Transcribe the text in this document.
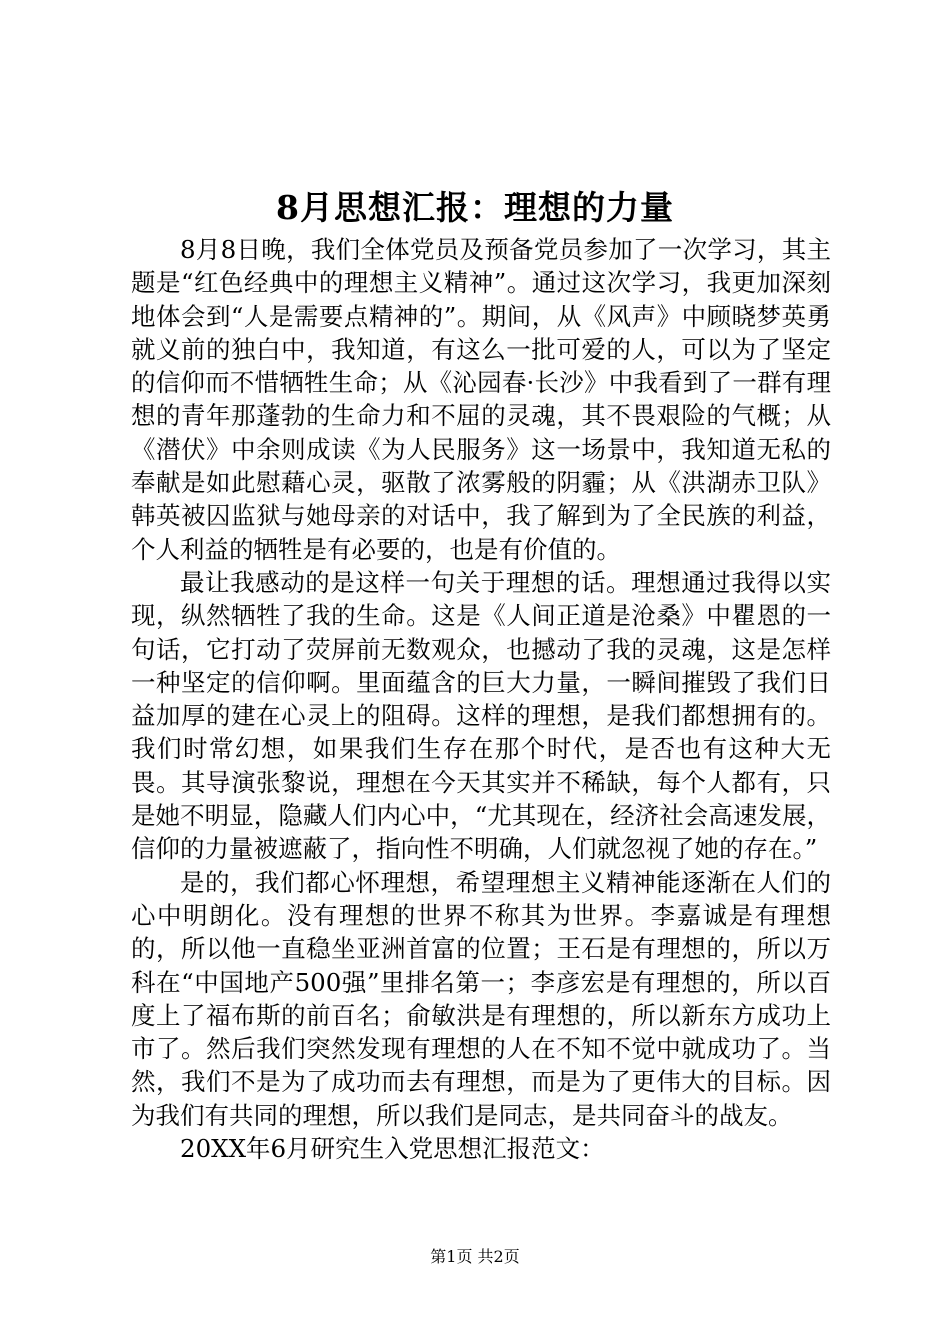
8月思想汇报：理想的力量

8月8日晚，我们全体党员及预备党员参加了一次学习，其主题是“红色经典中的理想主义精神”。通过这次学习，我更加深刻地体会到“人是需要点精神的”。期间，从《风声》中顾晓梦英勇就义前的独白中，我知道，有这么一批可爱的人，可以为了坚定的信仰而不惜牺牲生命；从《沁园春·长沙》中我看到了一群有理想的青年那蓬勃的生命力和不屈的灵魂，其不畏艰险的气概；从《潜伏》中余则成读《为人民服务》这一场景中，我知道无私的奉献是如此慰藉心灵，驱散了浓雾般的阴霾；从《洪湖赤卫队》韩英被囚监狱与她母亲的对话中，我了解到为了全民族的利益，个人利益的牺牲是有必要的，也是有价值的。

最让我感动的是这样一句关于理想的话。理想通过我得以实现，纵然牺牲了我的生命。这是《人间正道是沧桑》中瞿恩的一句话，它打动了荧屏前无数观众，也撼动了我的灵魂，这是怎样一种坚定的信仰啊。里面蕴含的巨大力量，一瞬间摧毁了我们日益加厚的建在心灵上的阻碍。这样的理想，是我们都想拥有的。我们时常幻想，如果我们生存在那个时代，是否也有这种大无畏。其导演张黎说，理想在今天其实并不稀缺，每个人都有，只是她不明显，隐藏人们内心中，“尤其现在，经济社会高速发展，信仰的力量被遮蔽了，指向性不明确，人们就忽视了她的存在。”

是的，我们都心怀理想，希望理想主义精神能逐渐在人们的心中明朗化。没有理想的世界不称其为世界。李嘉诚是有理想的，所以他一直稳坐亚洲首富的位置；王石是有理想的，所以万科在“中国地产500强”里排名第一；李彦宏是有理想的，所以百度上了福布斯的前百名；俞敏洪是有理想的，所以新东方成功上市了。然后我们突然发现有理想的人在不知不觉中就成功了。当然，我们不是为了成功而去有理想，而是为了更伟大的目标。因为我们有共同的理想，所以我们是同志，是共同奋斗的战友。

20XX年6月研究生入党思想汇报范文：

第1页 共2页
